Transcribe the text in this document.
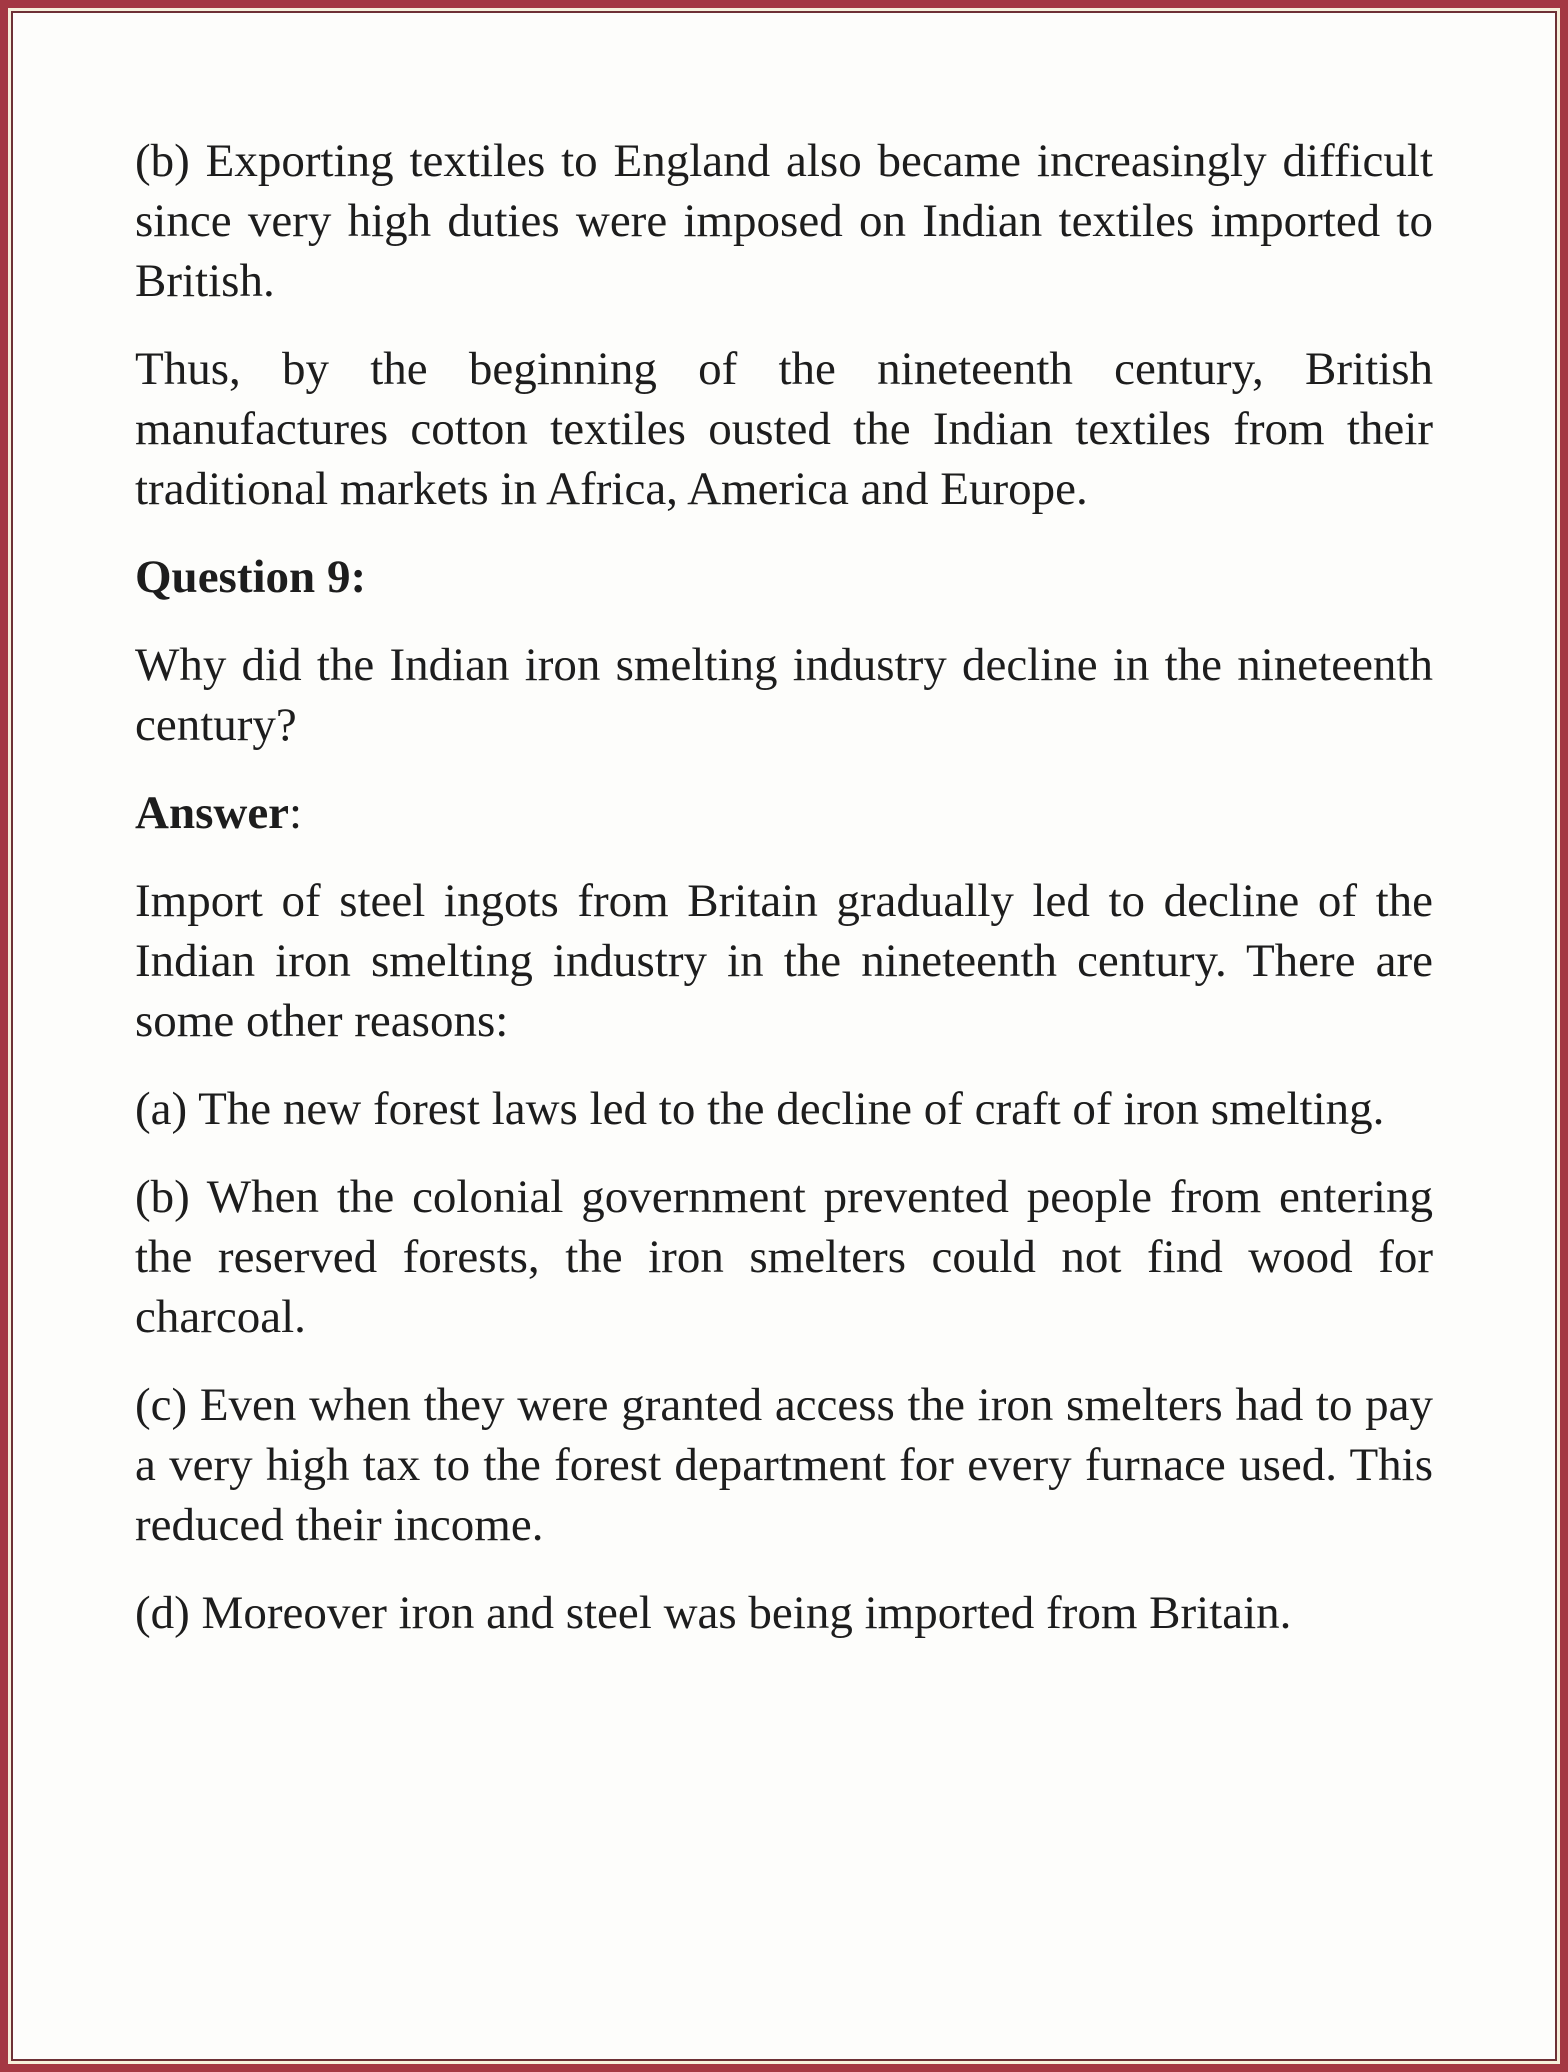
(b) Exporting textiles to England also became increasingly difficult since very high duties were imposed on Indian textiles imported to British.

Thus, by the beginning of the nineteenth century, British manufactures cotton textiles ousted the Indian textiles from their traditional markets in Africa, America and Europe.

Question 9:

Why did the Indian iron smelting industry decline in the nineteenth century?

Answer:

Import of steel ingots from Britain gradually led to decline of the Indian iron smelting industry in the nineteenth century. There are some other reasons:

(a) The new forest laws led to the decline of craft of iron smelting.

(b) When the colonial government prevented people from entering the reserved forests, the iron smelters could not find wood for charcoal.

(c) Even when they were granted access the iron smelters had to pay a very high tax to the forest department for every furnace used. This reduced their income.

(d) Moreover iron and steel was being imported from Britain.
